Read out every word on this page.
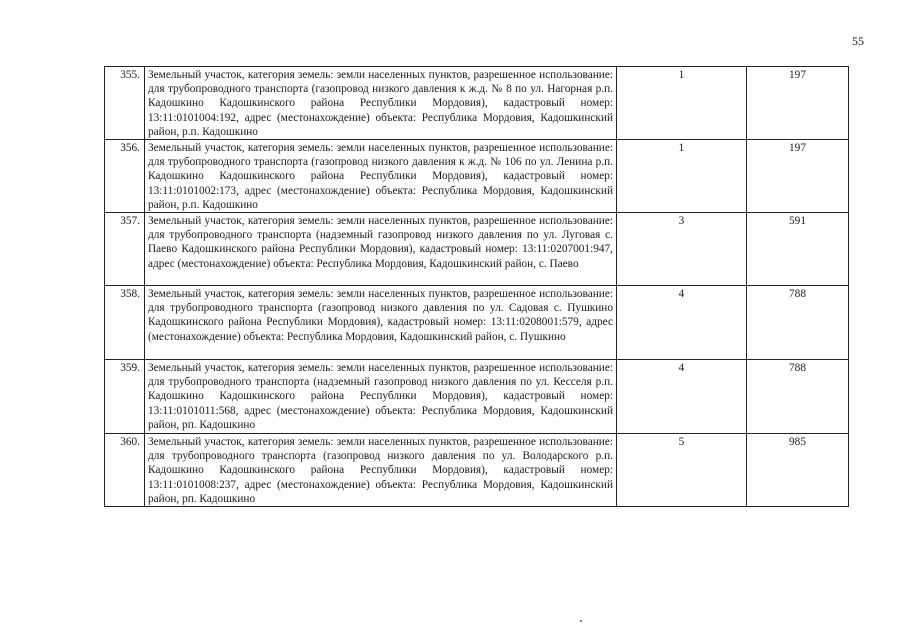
55
355.	Земельный участок, категория земель: земли населенных пунктов, разрешенное использование: для трубопроводного транспорта (газопровод низкого давления к ж.д. № 8 по ул. Нагорная р.п. Кадошкино Кадошкинского района Республики Мордовия), кадастровый номер: 13:11:0101004:192, адрес (местонахождение) объекта: Республика Мордовия, Кадошкинский район, р.п. Кадошкино	1	197
356.	Земельный участок, категория земель: земли населенных пунктов, разрешенное использование: для трубопроводного транспорта (газопровод низкого давления к ж.д. № 106 по ул. Ленина р.п. Кадошкино Кадошкинского района Республики Мордовия), кадастровый номер: 13:11:0101002:173, адрес (местонахождение) объекта: Республика Мордовия, Кадошкинский район, р.п. Кадошкино	1	197
357.	Земельный участок, категория земель: земли населенных пунктов, разрешенное использование: для трубопроводного транспорта (надземный газопровод низкого давления по ул. Луговая с. Паево Кадошкинского района Республики Мордовия), кадастровый номер: 13:11:0207001:947, адрес (местонахождение) объекта: Республика Мордовия, Кадошкинский район, с. Паево	3	591
358.	Земельный участок, категория земель: земли населенных пунктов, разрешенное использование: для трубопроводного транспорта (газопровод низкого давления по ул. Садовая с. Пушкино Кадошкинского района Республики Мордовия), кадастровый номер: 13:11:0208001:579, адрес (местонахождение) объекта: Республика Мордовия, Кадошкинский район, с. Пушкино	4	788
359.	Земельный участок, категория земель: земли населенных пунктов, разрешенное использование: для трубопроводного транспорта (надземный газопровод низкого давления по ул. Кесселя р.п. Кадошкино Кадошкинского района Республики Мордовия), кадастровый номер: 13:11:0101011:568, адрес (местонахождение) объекта: Республика Мордовия, Кадошкинский район, рп. Кадошкино	4	788
360.	Земельный участок, категория земель: земли населенных пунктов, разрешенное использование: для трубопроводного транспорта (газопровод низкого давления по ул. Володарского р.п. Кадошкино Кадошкинского района Республики Мордовия), кадастровый номер: 13:11:0101008:237, адрес (местонахождение) объекта: Республика Мордовия, Кадошкинский район, рп. Кадошкино	5	985
